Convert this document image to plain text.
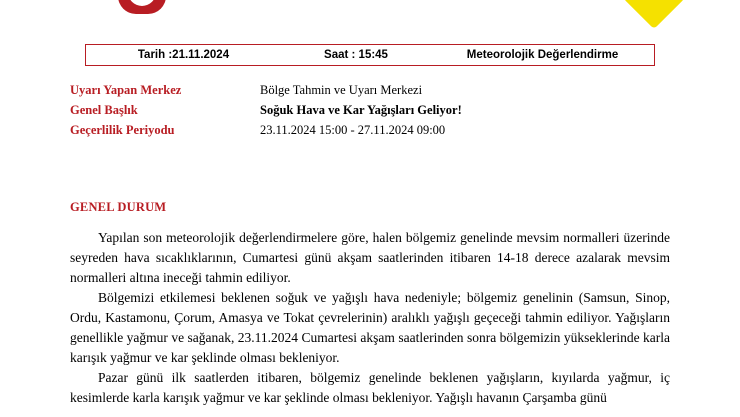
Tarih :21.11.2024	Saat : 15:45	Meteorolojik Değerlendirme
Uyarı Yapan Merkez	Bölge Tahmin ve Uyarı Merkezi
Genel Başlık	Soğuk Hava ve Kar Yağışları Geliyor!
Geçerlilik Periyodu	23.11.2024 15:00 - 27.11.2024 09:00
GENEL DURUM

Yapılan son meteorolojik değerlendirmelere göre, halen bölgemiz genelinde mevsim normalleri üzerinde seyreden hava sıcaklıklarının, Cumartesi günü akşam saatlerinden itibaren 14-18 derece azalarak mevsim normalleri altına ineceği tahmin ediliyor.

Bölgemizi etkilemesi beklenen soğuk ve yağışlı hava nedeniyle; bölgemiz genelinin (Samsun, Sinop, Ordu, Kastamonu, Çorum, Amasya ve Tokat çevrelerinin) aralıklı yağışlı geçeceği tahmin ediliyor. Yağışların genellikle yağmur ve sağanak, 23.11.2024 Cumartesi akşam saatlerinden sonra bölgemizin yükseklerinde karla karışık yağmur ve kar şeklinde olması bekleniyor.

Pazar günü ilk saatlerden itibaren, bölgemiz genelinde beklenen yağışların, kıyılarda yağmur, iç kesimlerde karla karışık yağmur ve kar şeklinde olması bekleniyor. Yağışlı havanın Çarşamba günü
